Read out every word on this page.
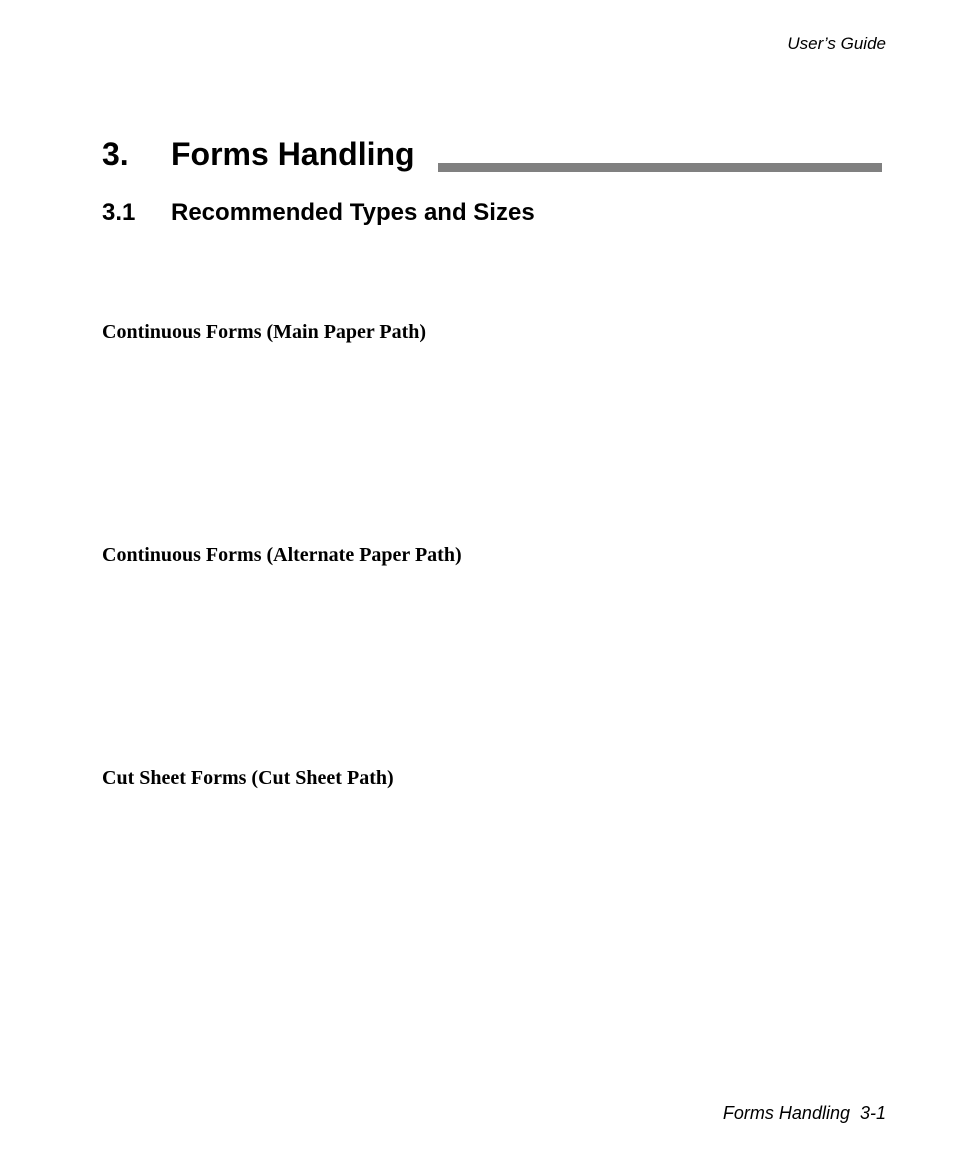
User’s Guide
3. Forms Handling
3.1 Recommended Types and Sizes
Continuous Forms (Main Paper Path)
Continuous Forms (Alternate Paper Path)
Cut Sheet Forms (Cut Sheet Path)
Forms Handling  3-1
